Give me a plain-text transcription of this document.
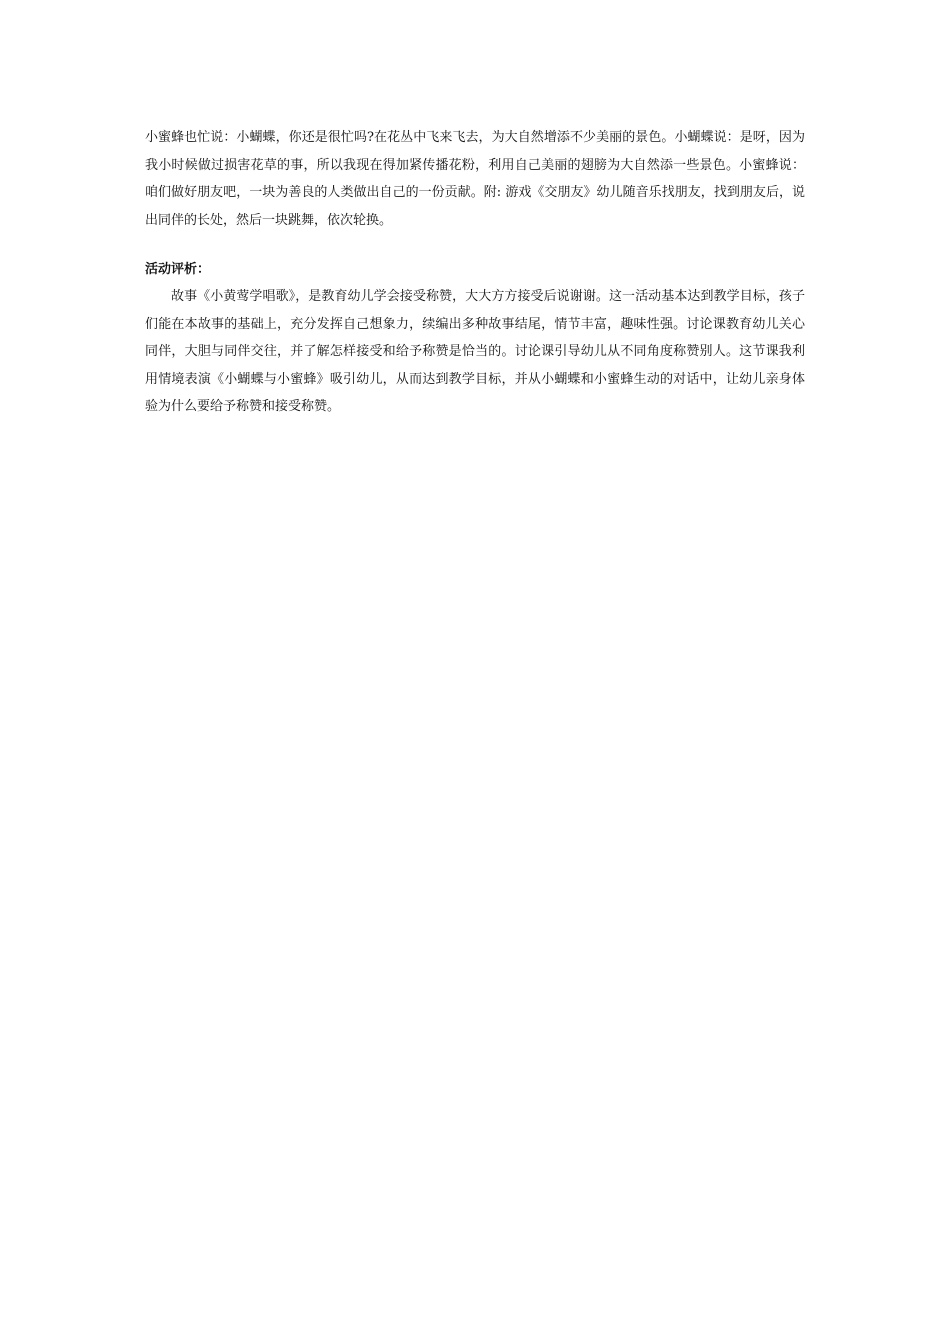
小蜜蜂也忙说：小蝴蝶，你还是很忙吗?在花丛中飞来飞去，为大自然增添不少美丽的景色。小蝴蝶说：是呀，因为我小时候做过损害花草的事，所以我现在得加紧传播花粉，利用自己美丽的翅膀为大自然添一些景色。小蜜蜂说： 咱们做好朋友吧，一块为善良的人类做出自己的一份贡献。附: 游戏《交朋友》幼儿随音乐找朋友，找到朋友后，说出同伴的长处，然后一块跳舞，依次轮换。

活动评析：

故事《小黄莺学唱歌》，是教育幼儿学会接受称赞，大大方方接受后说谢谢。这一活动基本达到教学目标，孩子们能在本故事的基础上，充分发挥自己想象力，续编出多种故事结尾，情节丰富，趣味性强。讨论课教育幼儿关心同伴，大胆与同伴交往，并了解怎样接受和给予称赞是恰当的。讨论课引导幼儿从不同角度称赞别人。这节课我利用情境表演《小蝴蝶与小蜜蜂》吸引幼儿，从而达到教学目标，并从小蝴蝶和小蜜蜂生动的对话中，让幼儿亲身体验为什么要给予称赞和接受称赞。
